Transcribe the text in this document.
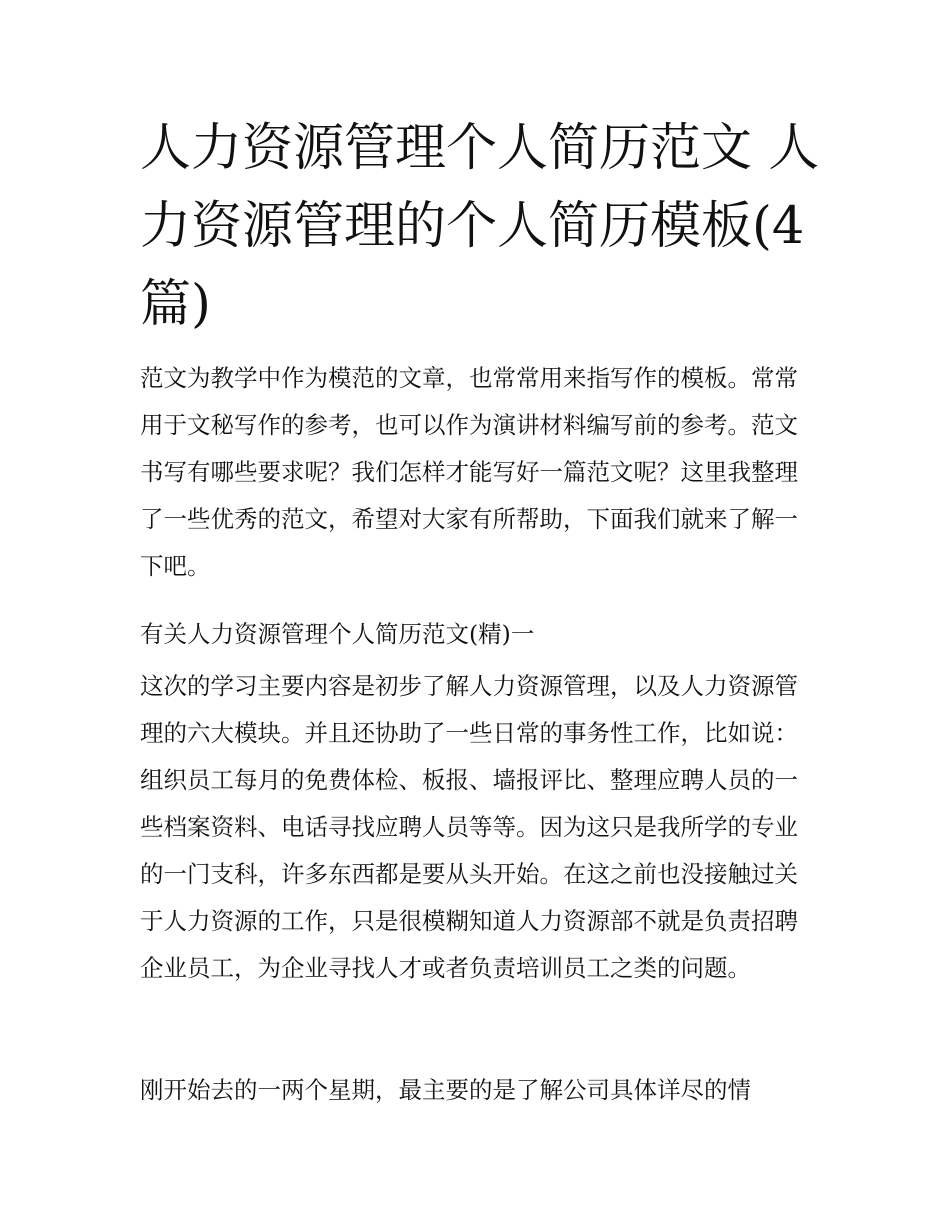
人力资源管理个人简历范文 人力资源管理的个人简历模板(4篇)

范文为教学中作为模范的文章，也常常用来指写作的模板。常常用于文秘写作的参考，也可以作为演讲材料编写前的参考。范文书写有哪些要求呢？我们怎样才能写好一篇范文呢？这里我整理了一些优秀的范文，希望对大家有所帮助，下面我们就来了解一下吧。

有关人力资源管理个人简历范文(精)一

这次的学习主要内容是初步了解人力资源管理，以及人力资源管理的六大模块。并且还协助了一些日常的事务性工作，比如说：组织员工每月的免费体检、板报、墙报评比、整理应聘人员的一些档案资料、电话寻找应聘人员等等。因为这只是我所学的专业的一门支科，许多东西都是要从头开始。在这之前也没接触过关于人力资源的工作，只是很模糊知道人力资源部不就是负责招聘企业员工，为企业寻找人才或者负责培训员工之类的问题。

刚开始去的一两个星期，最主要的是了解公司具体详尽的情
